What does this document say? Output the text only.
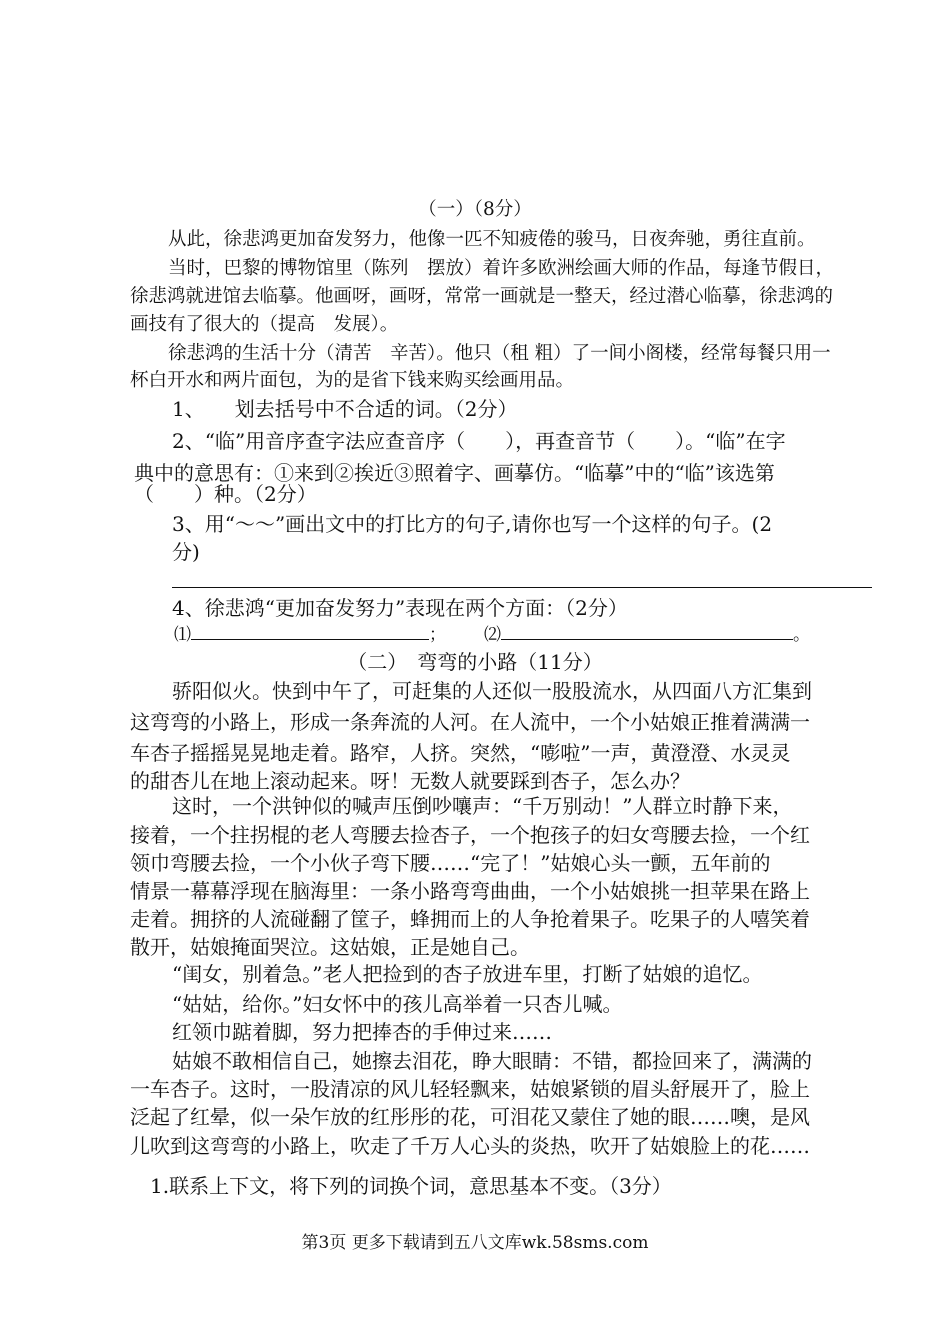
（一）（8分）

从此，徐悲鸿更加奋发努力，他像一匹不知疲倦的骏马，日夜奔驰，勇往直前。

当时，巴黎的博物馆里（陈列　摆放）着许多欧洲绘画大师的作品，每逢节假日，

徐悲鸿就进馆去临摹。他画呀，画呀，常常一画就是一整天，经过潜心临摹，徐悲鸿的

画技有了很大的（提高　发展）。

徐悲鸿的生活十分（清苦　辛苦）。他只（租 粗）了一间小阁楼，经常每餐只用一

杯白开水和两片面包，为的是省下钱来购买绘画用品。

1、　　划去括号中不合适的词。（2分）

2、“临”用音序查字法应查音序（　　），再查音节（　　）。“临”在字

典中的意思有：①来到②挨近③照着字、画摹仿。“临摹”中的“临”该选第

（　　）种。（2分）

3、用“～～”画出文中的打比方的句子,请你也写一个这样的句子。(2

分)

4、徐悲鸿“更加奋发努力”表现在两个方面：（2分）

⑴	； ⑵	。

（二）　弯弯的小路（11分）

骄阳似火。快到中午了，可赶集的人还似一股股流水，从四面八方汇集到

这弯弯的小路上，形成一条奔流的人河。在人流中，一个小姑娘正推着满满一

车杏子摇摇晃晃地走着。路窄，人挤。突然，“嘭啦”一声，黄澄澄、水灵灵

的甜杏儿在地上滚动起来。呀！无数人就要踩到杏子，怎么办？

这时，一个洪钟似的喊声压倒吵嚷声：“千万别动！”人群立时静下来，

接着，一个拄拐棍的老人弯腰去捡杏子，一个抱孩子的妇女弯腰去捡，一个红

领巾弯腰去捡，一个小伙子弯下腰……“完了！”姑娘心头一颤，五年前的

情景一幕幕浮现在脑海里：一条小路弯弯曲曲，一个小姑娘挑一担苹果在路上

走着。拥挤的人流碰翻了筐子，蜂拥而上的人争抢着果子。吃果子的人嘻笑着

散开，姑娘掩面哭泣。这姑娘，正是她自己。

“闺女，别着急。”老人把捡到的杏子放进车里，打断了姑娘的追忆。

“姑姑，给你。”妇女怀中的孩儿高举着一只杏儿喊。

红领巾踮着脚，努力把捧杏的手伸过来……

姑娘不敢相信自己，她擦去泪花，睁大眼睛：不错，都捡回来了，满满的

一车杏子。这时，一股清凉的风儿轻轻飘来，姑娘紧锁的眉头舒展开了，脸上

泛起了红晕，似一朵乍放的红彤彤的花，可泪花又蒙住了她的眼……噢，是风

儿吹到这弯弯的小路上，吹走了千万人心头的炎热，吹开了姑娘脸上的花……

1.联系上下文，将下列的词换个词，意思基本不变。（3分）

第3页 更多下载请到五八文库wk.58sms.com
